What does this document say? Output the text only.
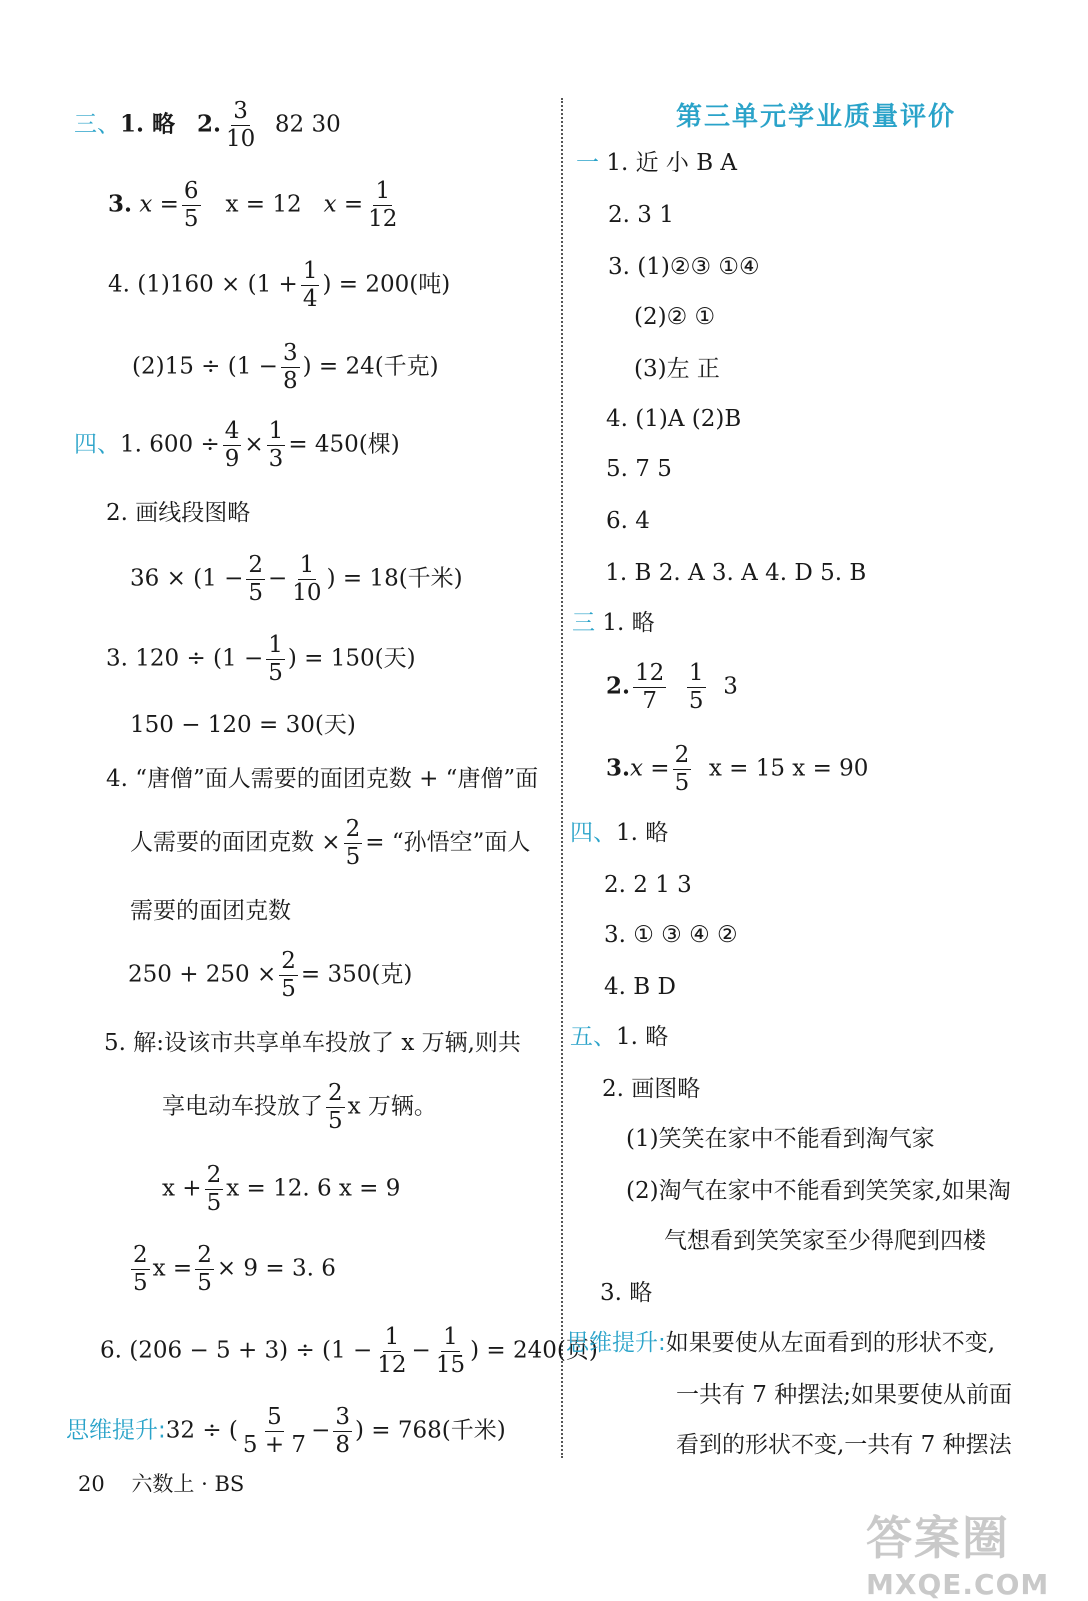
三、1. 略 2. $\frac{3}{10} 82$ 30
3. $x = \frac{6}{5}$ x = 12 $x = \frac{1}{12}$
4. $(1)160 \times (1 + \frac{1}{4}$ ) = 200(吨)
$(2)15 \div (1 - \frac{3}{8}$ ) = 24(千克)
四、1. $600 \div \frac{4}{9} \times \frac{1}{3} = 450$(棵)
2. 画线段图略
$36 \times (1 - \frac{2}{5} - \frac{1}{10}$ ) = 18(千米)
3. $120 \div (1 - \frac{1}{5}$ ) = 150(天)
150 − 120 = 30(天)
4. “唐僧”面人需要的面团克数 + “唐僧”面
人需要的面团克数 × $\frac{2}{5}$ = “孙悟空”面人
需要的面团克数
$250 + 250 \times \frac{2}{5} = 350$(克)
5. 解:设该市共享单车投放了 x 万辆,则共
享电动车投放了 $\frac{2}{5}$ x 万辆。
$x + \frac{2}{5}$ x = 12. 6 x = 9
$\frac{2}{5}$ $x = \frac{2}{5} \times 9 = 3$. 6
6. $(206 - 5 + 3) \div (1 - \frac{1}{12} - \frac{1}{15}$ ) = 240(页)
思维提升:32 ÷ ( $\frac{5}{5 + 7} - \frac{3}{8}$ ) = 768(千米)
20 六数上 · BS
第三单元学业质量评价
一 1. 近 小 B A
2. 3 1
3. (1)②③ ①④
(2)② ①
(3)左 正
4. (1)A (2)B
5. 7 5
6. 4
1. B 2. A 3. A 4. D 5. B
三 1. 略
2. $\frac{12}{7}$
$\frac{1}{5} 3$
$3.x = \frac{2}{5}$ x = 15 x = 90
四、1. 略
2. 2 1 3
3. ① ③ ④ ②
4. B D
五、1. 略
2. 画图略
(1)笑笑在家中不能看到淘气家
(2)淘气在家中不能看到笑笑家,如果淘
气想看到笑笑家至少得爬到四楼
3. 略
思维提升:如果要使从左面看到的形状不变,
一共有 7 种摆法;如果要使从前面
看到的形状不变,一共有 7 种摆法
答案圈
MXQE.COM
